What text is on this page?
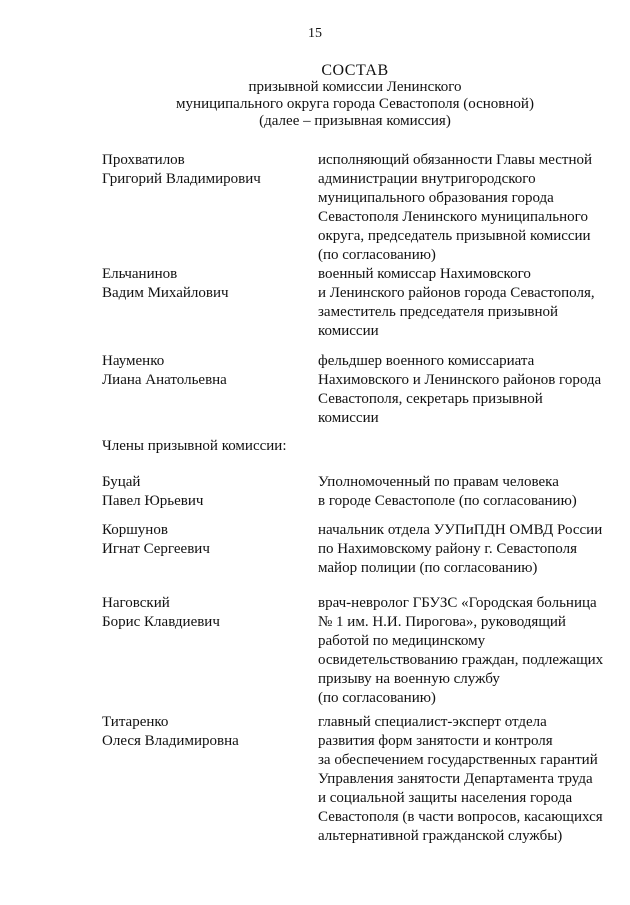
15
СОСТАВ
призывной комиссии Ленинского
муниципального округа города Севастополя (основной)
(далее – призывная комиссия)
Прохватилов
Григорий Владимирович
исполняющий обязанности Главы местной
администрации внутригородского
муниципального образования города
Севастополя Ленинского муниципального
округа, председатель призывной комиссии
(по согласованию)
Ельчанинов
Вадим Михайлович
военный комиссар Нахимовского
и Ленинского районов города Севастополя,
заместитель председателя призывной
комиссии
Науменко
Лиана Анатольевна
фельдшер военного комиссариата
Нахимовского и Ленинского районов города
Севастополя, секретарь призывной
комиссии
Члены призывной комиссии:
Буцай
Павел Юрьевич
Уполномоченный по правам человека
в городе Севастополе (по согласованию)
Коршунов
Игнат Сергеевич
начальник отдела УУПиПДН ОМВД России
по Нахимовскому району г. Севастополя
майор полиции (по согласованию)
Наговский
Борис Клавдиевич
врач-невролог ГБУЗС «Городская больница
№ 1 им. Н.И. Пирогова», руководящий
работой по медицинскому
освидетельствованию граждан, подлежащих
призыву на военную службу
(по согласованию)
Титаренко
Олеся Владимировна
главный специалист-эксперт отдела
развития форм занятости и контроля
за обеспечением государственных гарантий
Управления занятости Департамента труда
и социальной защиты населения города
Севастополя (в части вопросов, касающихся
альтернативной гражданской службы)
